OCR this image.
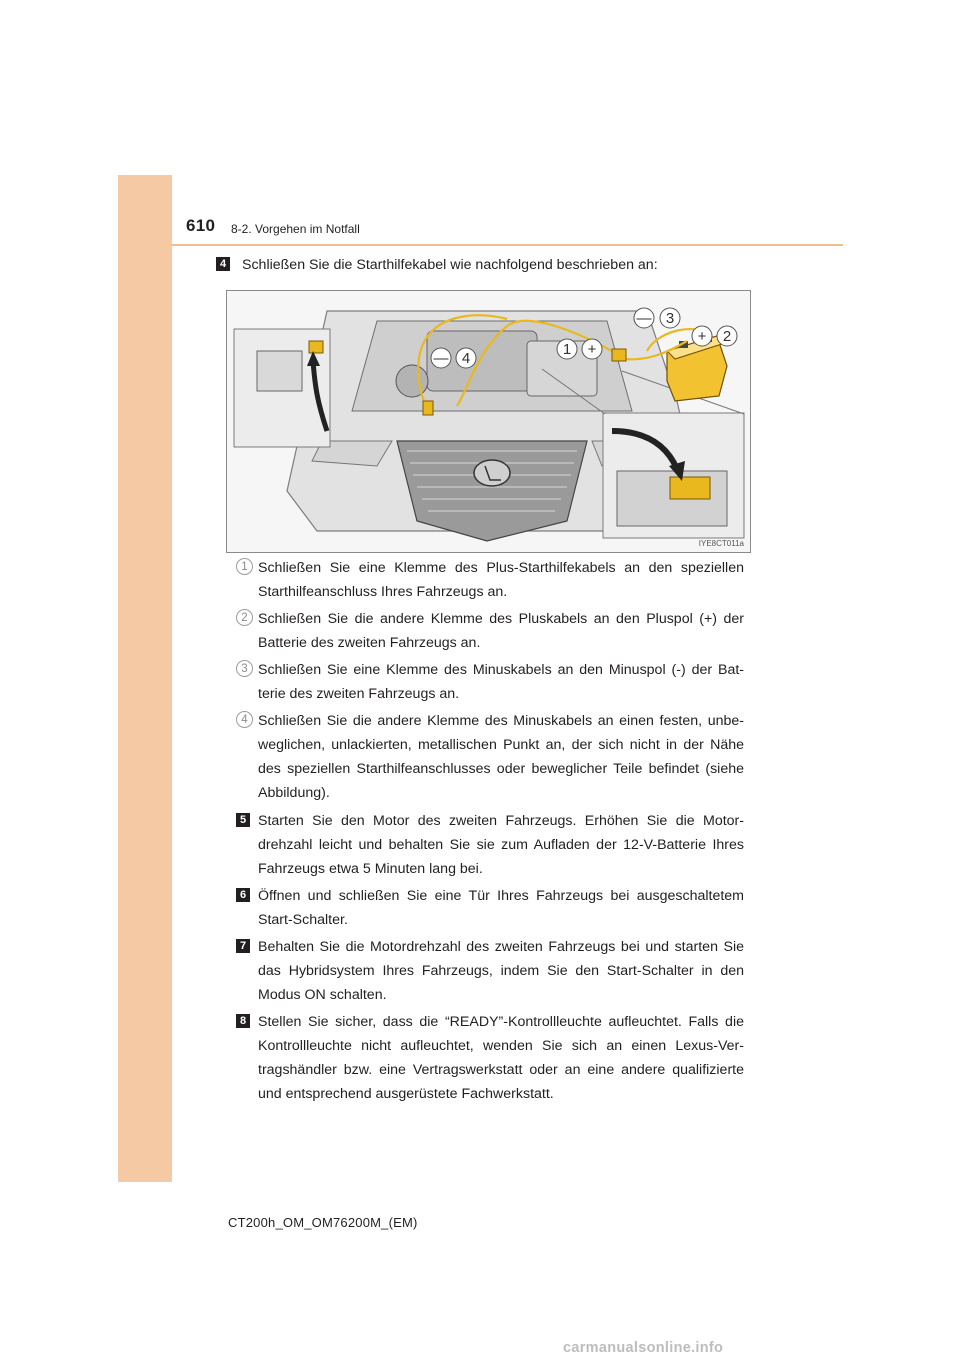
610 8-2. Vorgehen im Notfall
4 Schließen Sie die Starthilfekabel wie nachfolgend beschrieben an:
— 3
+ 2
1 +
— 4
IYE8CT011a
1 Schließen Sie eine Klemme des Plus-Starthilfekabels an den speziellen Starthilfeanschluss Ihres Fahrzeugs an.
2 Schließen Sie die andere Klemme des Pluskabels an den Pluspol (+) der Batterie des zweiten Fahrzeugs an.
3 Schließen Sie eine Klemme des Minuskabels an den Minuspol (-) der Bat-terie des zweiten Fahrzeugs an.
4 Schließen Sie die andere Klemme des Minuskabels an einen festen, unbe-weglichen, unlackierten, metallischen Punkt an, der sich nicht in der Nähe des speziellen Starthilfeanschlusses oder beweglicher Teile befindet (siehe Abbildung).
5 Starten Sie den Motor des zweiten Fahrzeugs. Erhöhen Sie die Motor-drehzahl leicht und behalten Sie sie zum Aufladen der 12-V-Batterie Ihres Fahrzeugs etwa 5 Minuten lang bei.
6 Öffnen und schließen Sie eine Tür Ihres Fahrzeugs bei ausgeschaltetem Start-Schalter.
7 Behalten Sie die Motordrehzahl des zweiten Fahrzeugs bei und starten Sie das Hybridsystem Ihres Fahrzeugs, indem Sie den Start-Schalter in den Modus ON schalten.
8 Stellen Sie sicher, dass die “READY”-Kontrollleuchte aufleuchtet. Falls die Kontrollleuchte nicht aufleuchtet, wenden Sie sich an einen Lexus-Ver-tragshändler bzw. eine Vertragswerkstatt oder an eine andere qualifizierte und entsprechend ausgerüstete Fachwerkstatt.
CT200h_OM_OM76200M_(EM)
carmanualsonline.info
